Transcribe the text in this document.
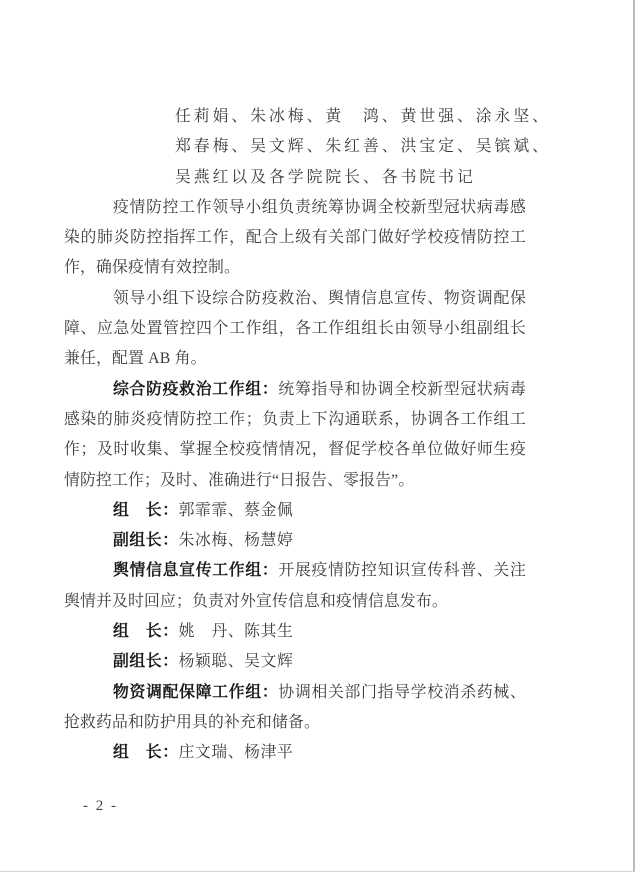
任莉娟、朱冰梅、黄　鸿、黄世强、涂永坚、
郑春梅、吴文辉、朱红善、洪宝定、吴镔斌、
吴燕红以及各学院院长、各书院书记

疫情防控工作领导小组负责统筹协调全校新型冠状病毒感染的肺炎防控指挥工作，配合上级有关部门做好学校疫情防控工作，确保疫情有效控制。

领导小组下设综合防疫救治、舆情信息宣传、物资调配保障、应急处置管控四个工作组，各工作组组长由领导小组副组长兼任，配置 AB 角。

综合防疫救治工作组：统筹指导和协调全校新型冠状病毒感染的肺炎疫情防控工作；负责上下沟通联系，协调各工作组工作；及时收集、掌握全校疫情情况，督促学校各单位做好师生疫情防控工作；及时、准确进行“日报告、零报告”。

组　长：郭霏霏、蔡金佩

副组长：朱冰梅、杨慧婷

舆情信息宣传工作组：开展疫情防控知识宣传科普、关注舆情并及时回应；负责对外宣传信息和疫情信息发布。

组　长：姚　丹、陈其生

副组长：杨颖聪、吴文辉

物资调配保障工作组：协调相关部门指导学校消杀药械、抢救药品和防护用具的补充和储备。

组　长：庄文瑞、杨津平

- 2 -
